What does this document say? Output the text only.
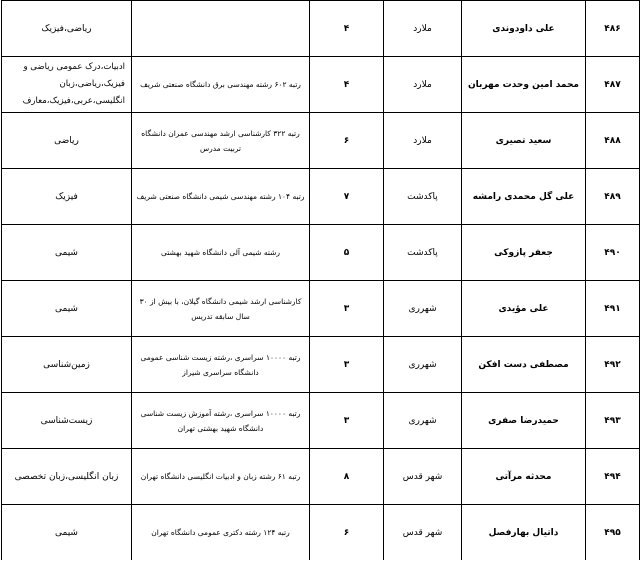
۴۸۶	علی داودوندی	ملارد	۴		ریاضی،فیزیک
۴۸۷	محمد امین وحدت مهربان	ملارد	۴	رتبه ۶۰۲ رشته مهندسی برق دانشگاه صنعتی شریف	ادبیات،درک عمومی ریاضی و فیزیک،ریاضی،زبان انگلیسی،عربی،فیزیک،معارف
۴۸۸	سعید تصیری	ملارد	۶	رتبه ۳۲۲ کارشناسی ارشد مهندسی عمران دانشگاه تربیت مدرس	ریاضی
۴۸۹	علی گل محمدی رامشه	پاکدشت	۷	رتبه ۱۰۴ رشته مهندسی شیمی دانشگاه صنعتی شریف	فیزیک
۴۹۰	جعفر پازوکی	پاکدشت	۵	رشته شیمی آلی دانشگاه شهید بهشتی	شیمی
۴۹۱	علی مؤیدی	شهرری	۳	کارشناسی ارشد شیمی دانشگاه گیلان، با بیش از ۳۰ سال سابقه تدریس	شیمی
۴۹۲	مصطفی دست افکن	شهرری	۳	رتبه ۱۰۰۰۰ سراسری ،رشته زیست شناسی عمومی دانشگاه سراسری شیراز	زمین‌شناسی
۴۹۳	حمیدرضا صفری	شهرری	۳	رتبه ۱۰۰۰۰ سراسری ،رشته آموزش زیست شناسی دانشگاه شهید بهشتی تهران	زیست‌شناسی
۴۹۴	محدثه مرآتی	شهر قدس	۸	رتبه ۶۱ رشته زبان و ادبیات انگلیسی دانشگاه تهران	زبان انگلیسی،زبان تخصصی
۴۹۵	داتیال بهارفصل	شهر قدس	۶	رتبه ۱۲۴ رشته دکتری عمومی دانشگاه تهران	شیمی
